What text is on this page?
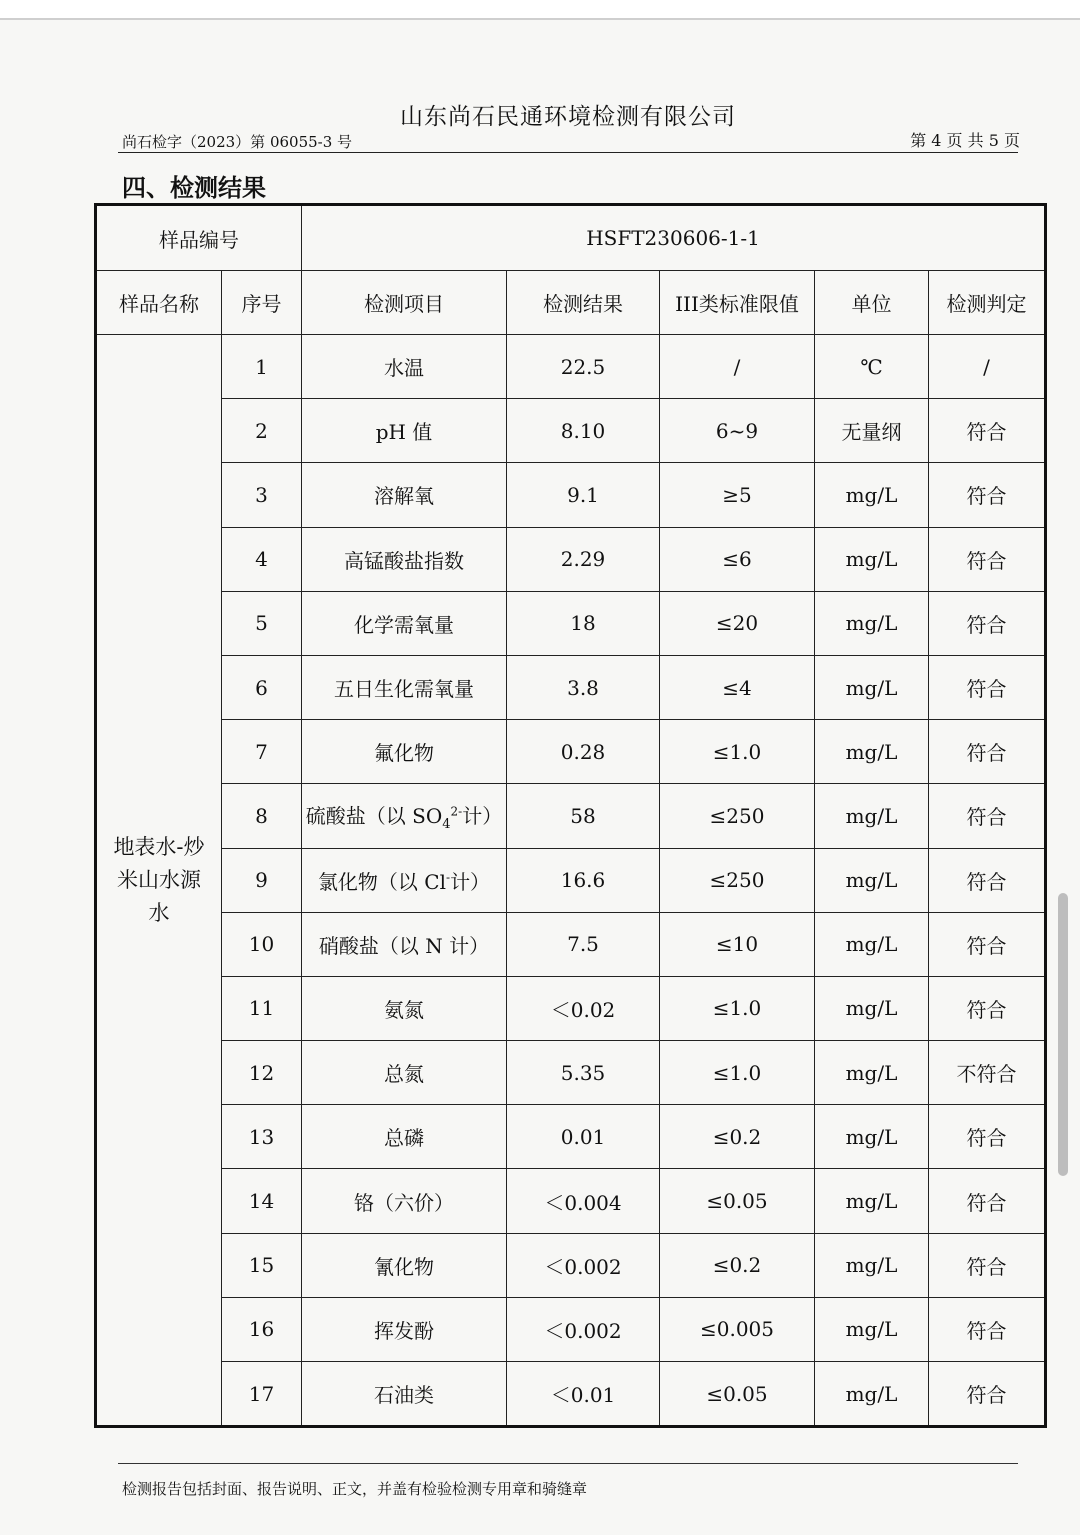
山东尚石民通环境检测有限公司
尚石检字（2023）第 06055-3 号	第 4 页 共 5 页
四、检测结果
样品编号		HSFT230606-1-1				
样品名称	序号	检测项目	检测结果	III类标准限值	单位	检测判定

地表水-炒
米山水源
水	1	水温	22.5	/	℃	/
	2	pH 值	8.10	6~9	无量纲	符合
	3	溶解氧	9.1	≥5	mg/L	符合
	4	高锰酸盐指数	2.29	≤6	mg/L	符合
	5	化学需氧量	18	≤20	mg/L	符合
	6	五日生化需氧量	3.8	≤4	mg/L	符合
	7	氟化物	0.28	≤1.0	mg/L	符合
	8	硫酸盐（以 $SO_4^{2-}$计）	58	≤250	mg/L	符合
	9	氯化物（以 Cl-计）	16.6	≤250	mg/L	符合
	10	硝酸盐（以 N 计）	7.5	≤10	mg/L	符合
	11	氨氮	＜0.02	≤1.0	mg/L	符合
	12	总氮	5.35	≤1.0	mg/L	不符合
	13	总磷	0.01	≤0.2	mg/L	符合
	14	铬（六价）	＜0.004	≤0.05	mg/L	符合
	15	氰化物	＜0.002	≤0.2	mg/L	符合
	16	挥发酚	＜0.002	≤0.005	mg/L	符合
	17	石油类	＜0.01	≤0.05	mg/L	符合
检测报告包括封面、报告说明、正文，并盖有检验检测专用章和骑缝章
